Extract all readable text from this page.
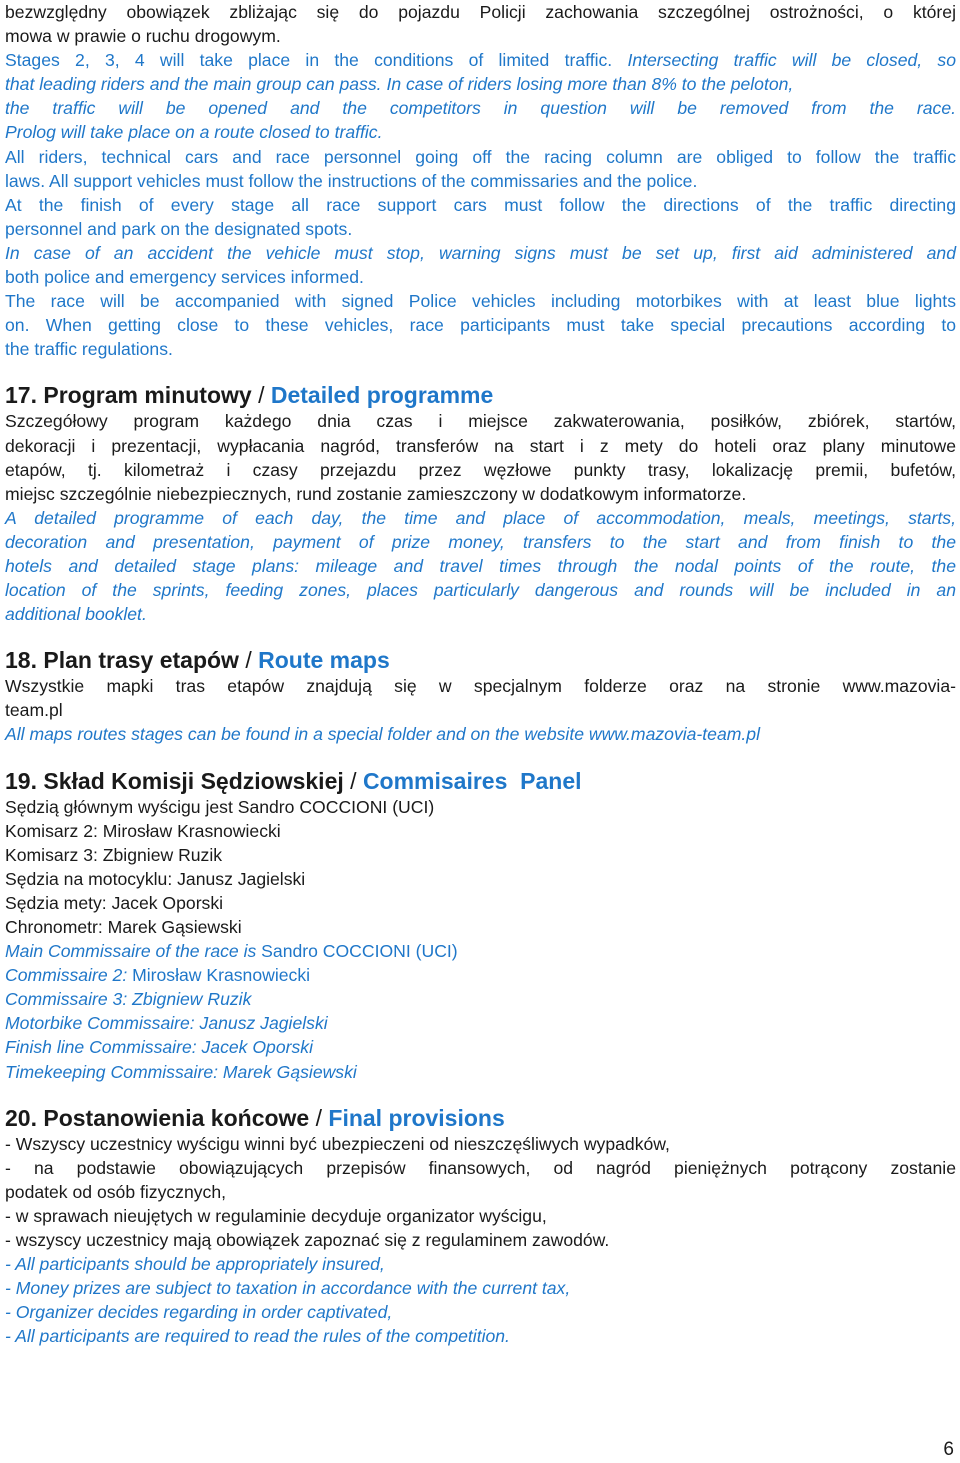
bezwzględny obowiązek zbliżając się do pojazdu Policji zachowania szczególnej ostrożności, o której
mowa w prawie o ruchu drogowym.
Stages 2, 3, 4 will take place in the conditions of limited traffic. Intersecting traffic will be closed, so
that leading riders and the main group can pass. In case of riders losing more than 8% to the peloton,
the traffic will be opened and the competitors in question will be removed from the race.
Prolog will take place on a route closed to traffic.
All riders, technical cars and race personnel going off the racing column are obliged to follow the traffic
laws. All support vehicles must follow the instructions of the commissaries and the police.
At the finish of every stage all race support cars must follow the directions of the traffic directing
personnel and park on the designated spots.
In case of an accident the vehicle must stop, warning signs must be set up, first aid administered and
both police and emergency services informed.
The race will be accompanied with signed Police vehicles including motorbikes with at least blue lights
on. When getting close to these vehicles, race participants must take special precautions according to
the traffic regulations.
17. Program minutowy / Detailed programme
Szczegółowy program każdego dnia czas i miejsce zakwaterowania, posiłków, zbiórek, startów,
dekoracji i prezentacji, wypłacania nagród, transferów na start i z mety do hoteli oraz plany minutowe
etapów, tj. kilometraż i czasy przejazdu przez węzłowe punkty trasy, lokalizację premii, bufetów,
miejsc szczególnie niebezpiecznych, rund zostanie zamieszczony w dodatkowym informatorze.
A detailed programme of each day, the time and place of accommodation, meals, meetings, starts,
decoration and presentation, payment of prize money, transfers to the start and from finish to the
hotels and detailed stage plans: mileage and travel times through the nodal points of the route, the
location of the sprints, feeding zones, places particularly dangerous and rounds will be included in an
additional booklet.
18. Plan trasy etapów / Route maps
Wszystkie mapki tras etapów znajdują się w specjalnym folderze oraz na stronie www.mazovia-
team.pl
All maps routes stages can be found in a special folder and on the website www.mazovia-team.pl
19. Skład Komisji Sędziowskiej / Commisaires  Panel
Sędzią głównym wyścigu jest Sandro COCCIONI (UCI)
Komisarz 2: Mirosław Krasnowiecki
Komisarz 3: Zbigniew Ruzik
Sędzia na motocyklu: Janusz Jagielski
Sędzia mety: Jacek Oporski
Chronometr: Marek Gąsiewski
Main Commissaire of the race is Sandro COCCIONI (UCI)
Commissaire 2: Mirosław Krasnowiecki
Commissaire 3: Zbigniew Ruzik
Motorbike Commissaire: Janusz Jagielski
Finish line Commissaire: Jacek Oporski
Timekeeping Commissaire: Marek Gąsiewski
20. Postanowienia końcowe / Final provisions
- Wszyscy uczestnicy wyścigu winni być ubezpieczeni od nieszczęśliwych wypadków,
- na podstawie obowiązujących przepisów finansowych, od nagród pieniężnych potrącony zostanie
podatek od osób fizycznych,
- w sprawach nieujętych w regulaminie decyduje organizator wyścigu,
- wszyscy uczestnicy mają obowiązek zapoznać się z regulaminem zawodów.
- All participants should be appropriately insured,
- Money prizes are subject to taxation in accordance with the current tax,
- Organizer decides regarding in order captivated,
- All participants are required to read the rules of the competition.
6
